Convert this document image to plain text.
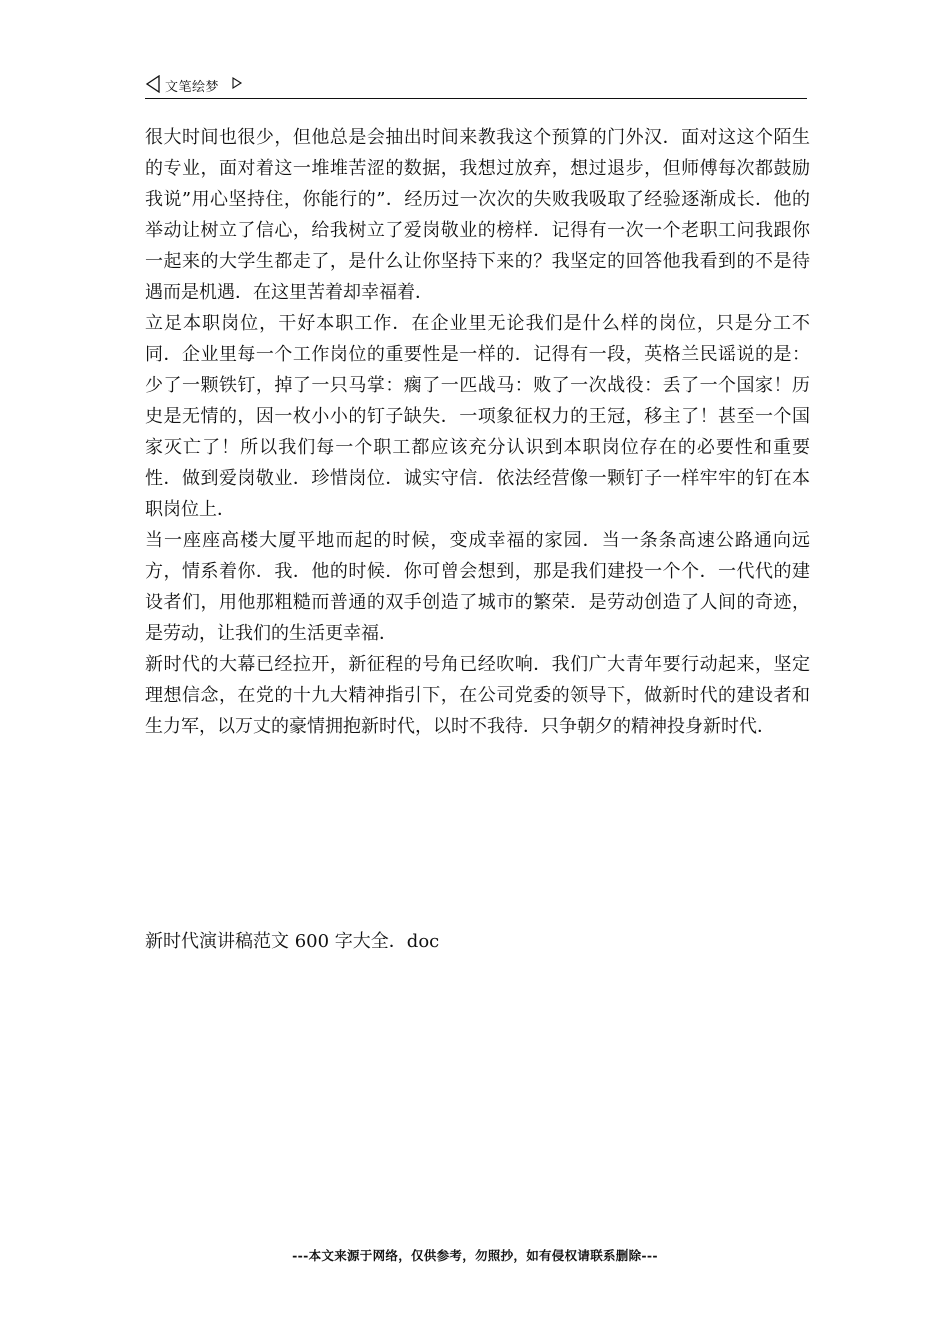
文笔绘梦

很大时间也很少，但他总是会抽出时间来教我这个预算的门外汉．面对这这个陌生的专业，面对着这一堆堆苦涩的数据，我想过放弃，想过退步，但师傅每次都鼓励我说”用心坚持住，你能行的”．经历过一次次的失败我吸取了经验逐渐成长．他的举动让树立了信心，给我树立了爱岗敬业的榜样．记得有一次一个老职工问我跟你一起来的大学生都走了，是什么让你坚持下来的？我坚定的回答他我看到的不是待遇而是机遇．在这里苦着却幸福着．

立足本职岗位，干好本职工作．在企业里无论我们是什么样的岗位，只是分工不同．企业里每一个工作岗位的重要性是一样的．记得有一段，英格兰民谣说的是：少了一颗铁钉，掉了一只马掌：瘸了一匹战马：败了一次战役：丢了一个国家！历史是无情的，因一枚小小的钉子缺失．一项象征权力的王冠，移主了！甚至一个国家灭亡了！所以我们每一个职工都应该充分认识到本职岗位存在的必要性和重要性．做到爱岗敬业．珍惜岗位．诚实守信．依法经营像一颗钉子一样牢牢的钉在本职岗位上．

当一座座高楼大厦平地而起的时候，变成幸福的家园．当一条条高速公路通向远方，情系着你．我．他的时候．你可曾会想到，那是我们建投一个个．一代代的建设者们，用他那粗糙而普通的双手创造了城市的繁荣．是劳动创造了人间的奇迹，是劳动，让我们的生活更幸福．

新时代的大幕已经拉开，新征程的号角已经吹响．我们广大青年要行动起来，坚定理想信念，在党的十九大精神指引下，在公司党委的领导下，做新时代的建设者和生力军，以万丈的豪情拥抱新时代，以时不我待．只争朝夕的精神投身新时代．

新时代演讲稿范文 600 字大全．doc
---本文来源于网络，仅供参考，勿照抄，如有侵权请联系删除---
